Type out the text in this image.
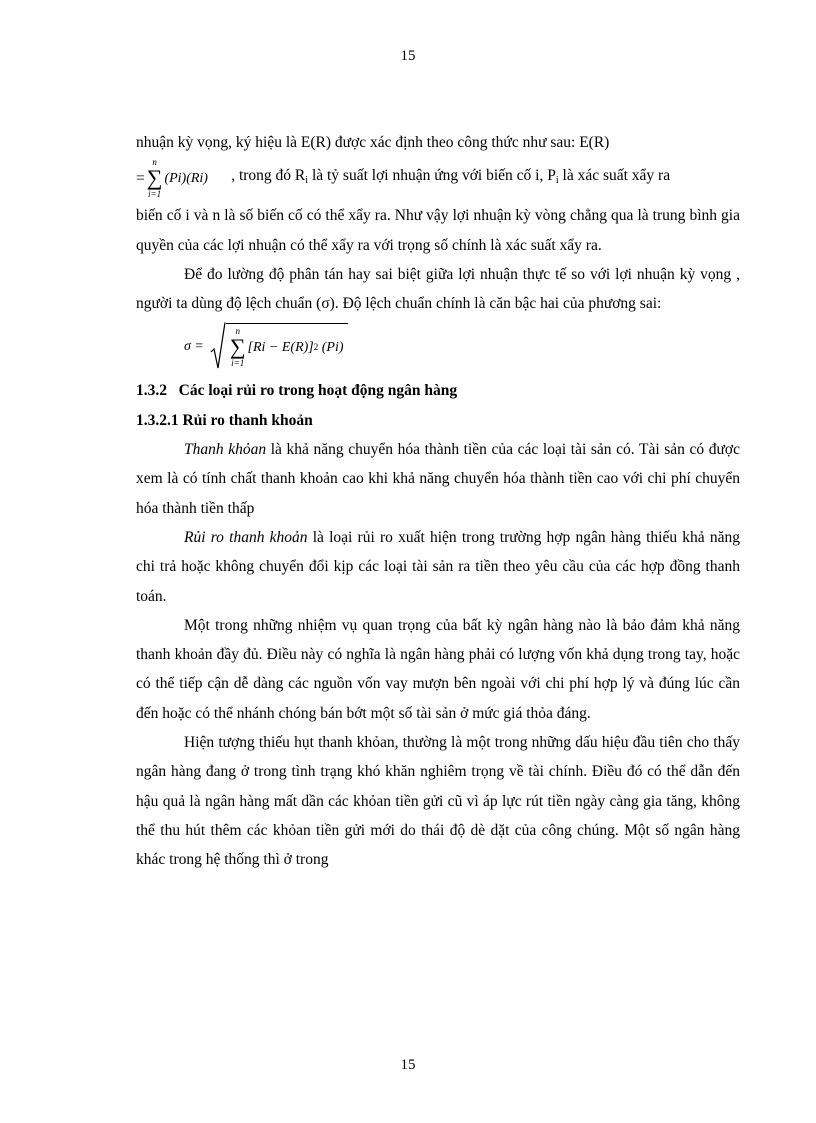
15

nhuận kỳ vọng, ký hiệu là E(R) được xác định theo công thức như sau: E(R)

=
n
∑
i=1
(Pi)(Ri)	, trong đó $R_i$ là tỷ suất lợi nhuận ứng với biến cố i, $P_i$ là xác suất xẩy ra

biến cố i và n là số biến cố có thể xẩy ra. Như vậy lợi nhuận kỳ vòng chẳng qua là trung bình gia quyền của các lợi nhuận có thể xẩy ra với trọng số chính là xác suất xẩy ra.

Để đo lường độ phân tán hay sai biệt giữa lợi nhuận thực tế so với lợi nhuận kỳ vọng , người ta dùng độ lệch chuẩn (σ). Độ lệch chuẩn chính là căn bậc hai của phương sai:

σ =
n
∑
i=1
[Ri − E(R)] 2 (Pi)

1.3.2   Các loại rủi ro trong hoạt động ngân hàng

1.3.2.1 Rủi ro thanh khoản

Thanh khỏan là khả năng chuyển hóa thành tiền của các loại tài sản có. Tài sản có được xem là có tính chất thanh khoản cao khi khả năng chuyển hóa thành tiền cao với chi phí chuyển hóa thành tiền thấp

Rủi ro thanh khoản là loại rủi ro xuất hiện trong trường hợp ngân hàng thiếu khả năng chi trả hoặc không chuyển đổi kịp các loại tài sản ra tiền theo yêu cầu của các hợp đồng thanh toán.

Một trong những nhiệm vụ quan trọng của bất kỳ ngân hàng nào là bảo đảm khả năng thanh khoản đầy đủ. Điều này có nghĩa là ngân hàng phải có lượng vốn khả dụng trong tay, hoặc có thể tiếp cận dễ dàng các nguồn vốn vay mượn bên ngoài với chi phí hợp lý và đúng lúc cần đến hoặc có thể nhánh chóng bán bớt một số tài sản ở mức giá thỏa đáng.

Hiện tượng thiếu hụt thanh khỏan, thường là một trong những dấu hiệu đầu tiên cho thấy ngân hàng đang ở trong tình trạng khó khăn nghiêm trọng về tài chính. Điều đó có thể dẫn đến hậu quả là ngân hàng mất dần các khỏan tiền gửi cũ vì áp lực rút tiền ngày càng gia tăng, không thể thu hút thêm các khỏan tiền gửi mới do thái độ dè dặt của công chúng. Một số ngân hàng khác trong hệ thống thì ở trong

15
